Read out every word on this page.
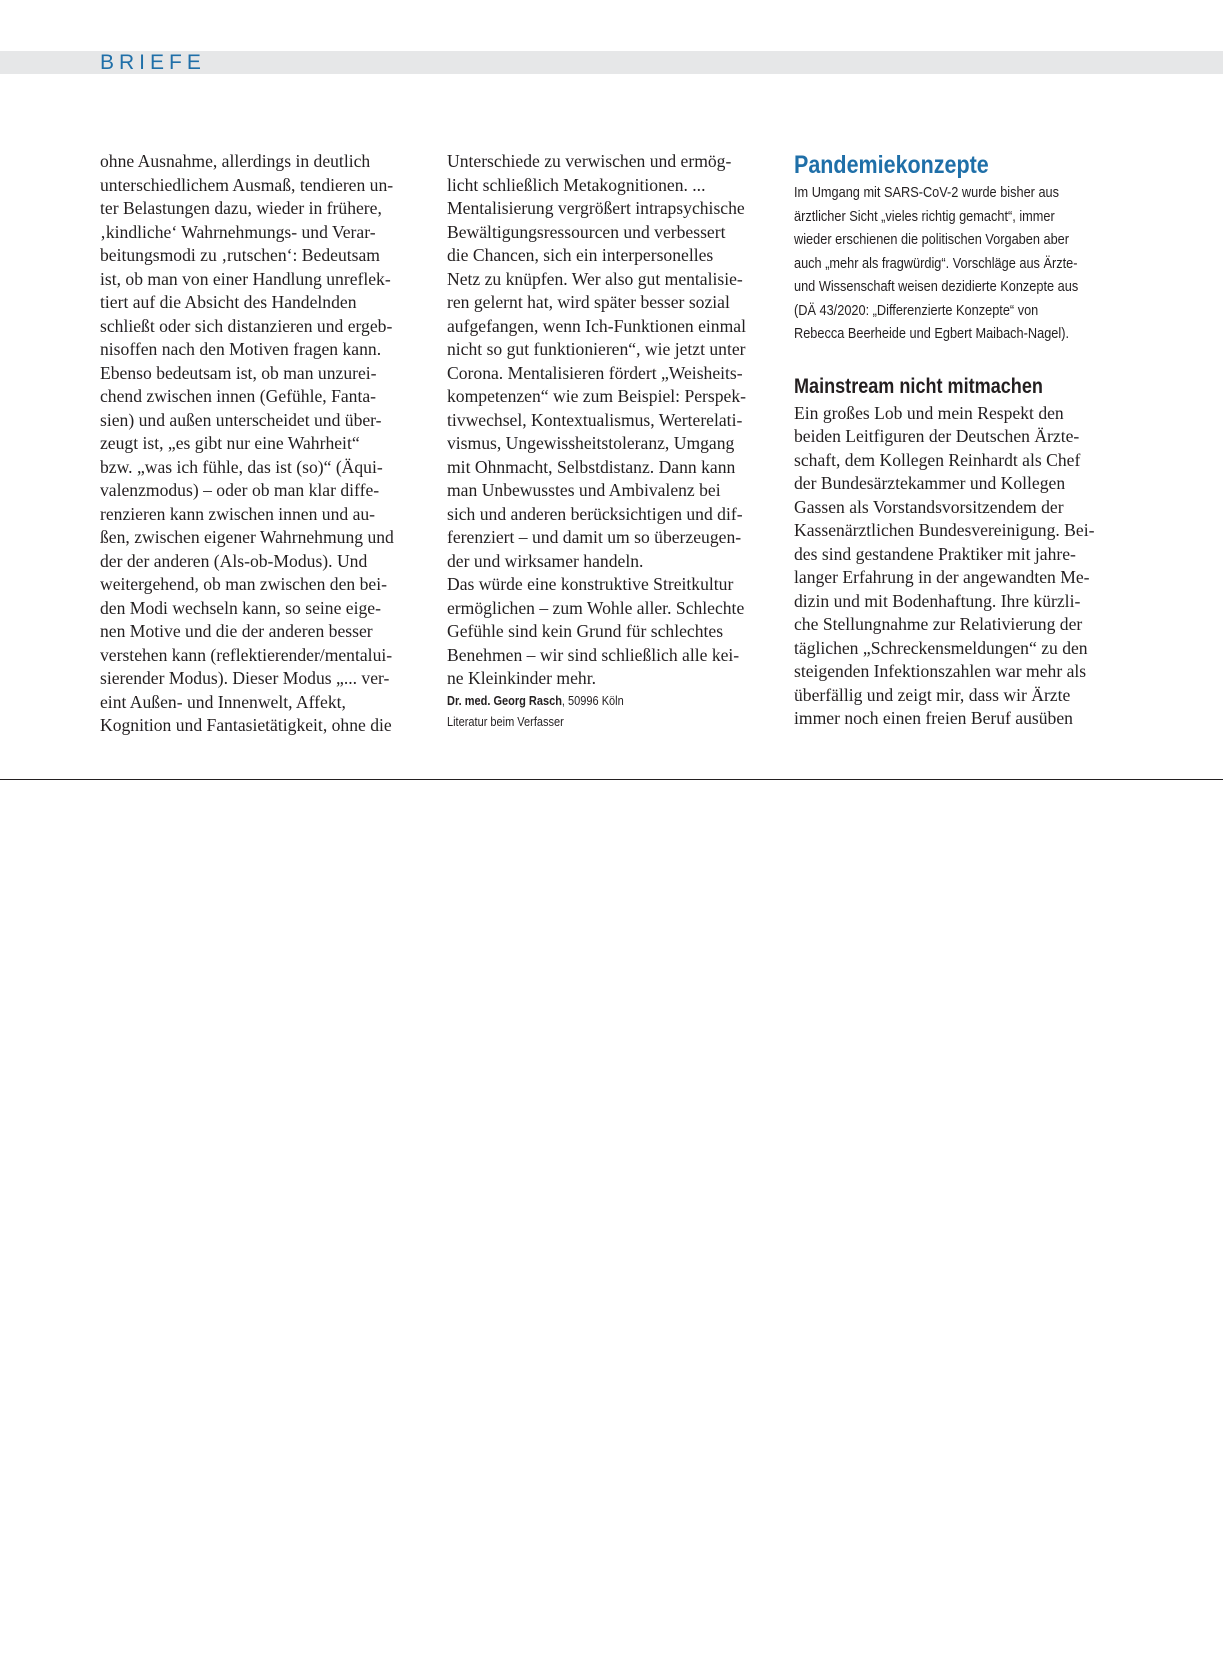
BRIEFE
ohne Ausnahme, allerdings in deutlich
unterschiedlichem Ausmaß, tendieren un-
ter Belastungen dazu, wieder in frühere,
‚kindliche‘ Wahrnehmungs- und Verar-
beitungsmodi zu ‚rutschen‘: Bedeutsam
ist, ob man von einer Handlung unreflek-
tiert auf die Absicht des Handelnden
schließt oder sich distanzieren und ergeb-
nisoffen nach den Motiven fragen kann.
Ebenso bedeutsam ist, ob man unzurei-
chend zwischen innen (Gefühle, Fanta-
sien) und außen unterscheidet und über-
zeugt ist, „es gibt nur eine Wahrheit“
bzw. „was ich fühle, das ist (so)“ (Äqui-
valenzmodus) – oder ob man klar diffe-
renzieren kann zwischen innen und au-
ßen, zwischen eigener Wahrnehmung und
der der anderen (Als-ob-Modus). Und
weitergehend, ob man zwischen den bei-
den Modi wechseln kann, so seine eige-
nen Motive und die der anderen besser
verstehen kann (reflektierender/mentalui-
sierender Modus). Dieser Modus „... ver-
eint Außen- und Innenwelt, Affekt,
Kognition und Fantasietätigkeit, ohne die
Unterschiede zu verwischen und ermög-
licht schließlich Metakognitionen. ...
Mentalisierung vergrößert intrapsychische
Bewältigungsressourcen und verbessert
die Chancen, sich ein interpersonelles
Netz zu knüpfen. Wer also gut mentalisie-
ren gelernt hat, wird später besser sozial
aufgefangen, wenn Ich-Funktionen einmal
nicht so gut funktionieren“, wie jetzt unter
Corona. Mentalisieren fördert „Weisheits-
kompetenzen“ wie zum Beispiel: Perspek-
tivwechsel, Kontextualismus, Werterelati-
vismus, Ungewissheitstoleranz, Umgang
mit Ohnmacht, Selbstdistanz. Dann kann
man Unbewusstes und Ambivalenz bei
sich und anderen berücksichtigen und dif-
ferenziert – und damit um so überzeugen-
der und wirksamer handeln.
Das würde eine konstruktive Streitkultur
ermöglichen – zum Wohle aller. Schlechte
Gefühle sind kein Grund für schlechtes
Benehmen – wir sind schließlich alle kei-
ne Kleinkinder mehr.
Dr. med. Georg Rasch, 50996 Köln
Literatur beim Verfasser
Pandemiekonzepte
Im Umgang mit SARS-CoV-2 wurde bisher aus
ärztlicher Sicht „vieles richtig gemacht“, immer
wieder erschienen die politischen Vorgaben aber
auch „mehr als fragwürdig“. Vorschläge aus Ärzte-
und Wissenschaft weisen dezidierte Konzepte aus
(DÄ 43/2020: „Differenzierte Konzepte“ von
Rebecca Beerheide und Egbert Maibach-Nagel).
Mainstream nicht mitmachen
Ein großes Lob und mein Respekt den
beiden Leitfiguren der Deutschen Ärzte-
schaft, dem Kollegen Reinhardt als Chef
der Bundesärztekammer und Kollegen
Gassen als Vorstandsvorsitzendem der
Kassenärztlichen Bundesvereinigung. Bei-
des sind gestandene Praktiker mit jahre-
langer Erfahrung in der angewandten Me-
dizin und mit Bodenhaftung. Ihre kürzli-
che Stellungnahme zur Relativierung der
täglichen „Schreckensmeldungen“ zu den
steigenden Infektionszahlen war mehr als
überfällig und zeigt mir, dass wir Ärzte
immer noch einen freien Beruf ausüben
